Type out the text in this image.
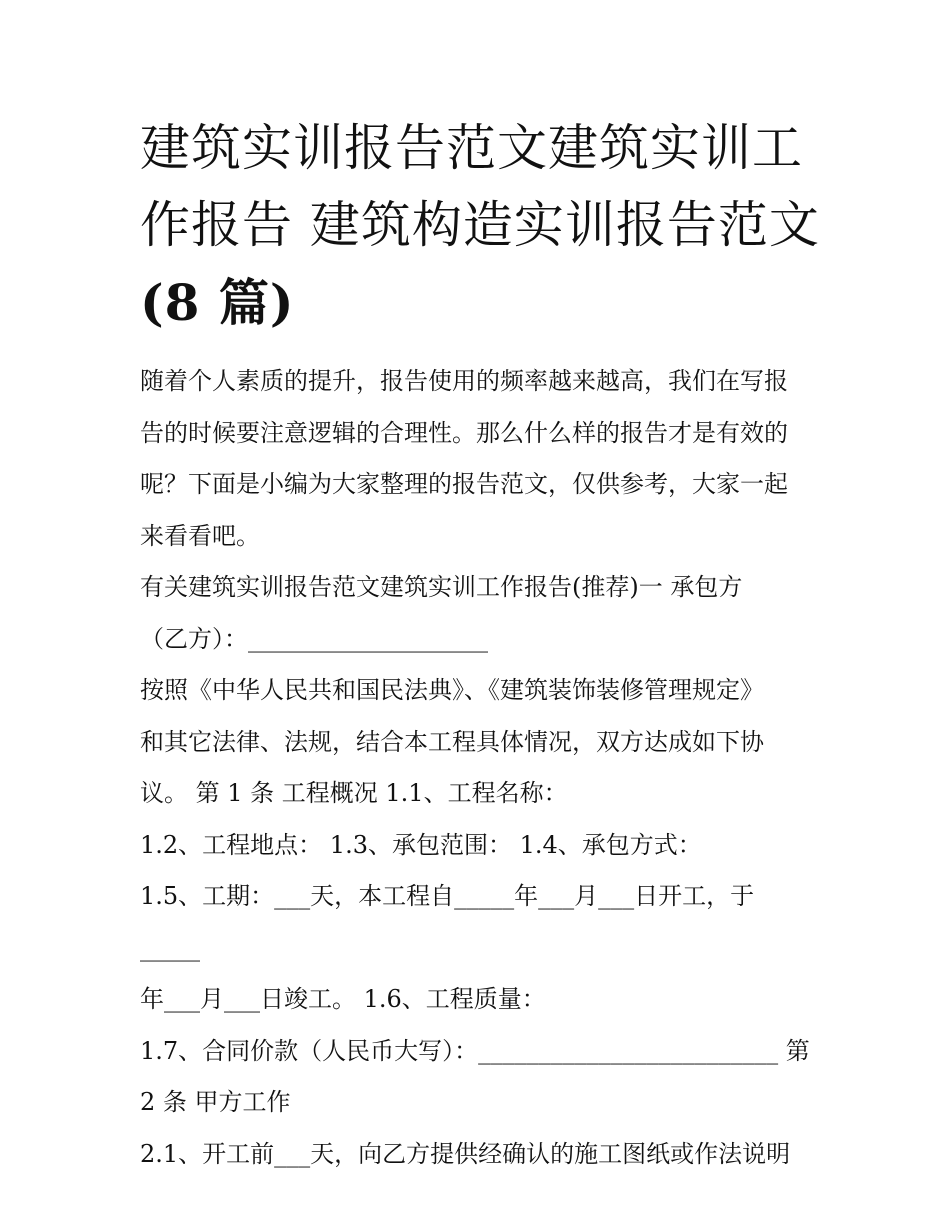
建筑实训报告范文建筑实训工
作报告 建筑构造实训报告范文
(8 篇)

随着个人素质的提升，报告使用的频率越来越高，我们在写报

告的时候要注意逻辑的合理性。那么什么样的报告才是有效的

呢？下面是小编为大家整理的报告范文，仅供参考，大家一起

来看看吧。

有关建筑实训报告范文建筑实训工作报告(推荐)一 承包方

（乙方）：____________________

按照《中华人民共和国民法典》、《建筑装饰装修管理规定》

和其它法律、法规，结合本工程具体情况，双方达成如下协

议。 第 1 条 工程概况 1.1、工程名称：

1.2、工程地点： 1.3、承包范围： 1.4、承包方式：

1.5、工期：___天，本工程自_____年___月___日开工，于_____

年___月___日竣工。 1.6、工程质量：

1.7、合同价款（人民币大写）：_________________________ 第

2 条 甲方工作

2.1、开工前___天，向乙方提供经确认的施工图纸或作法说明
